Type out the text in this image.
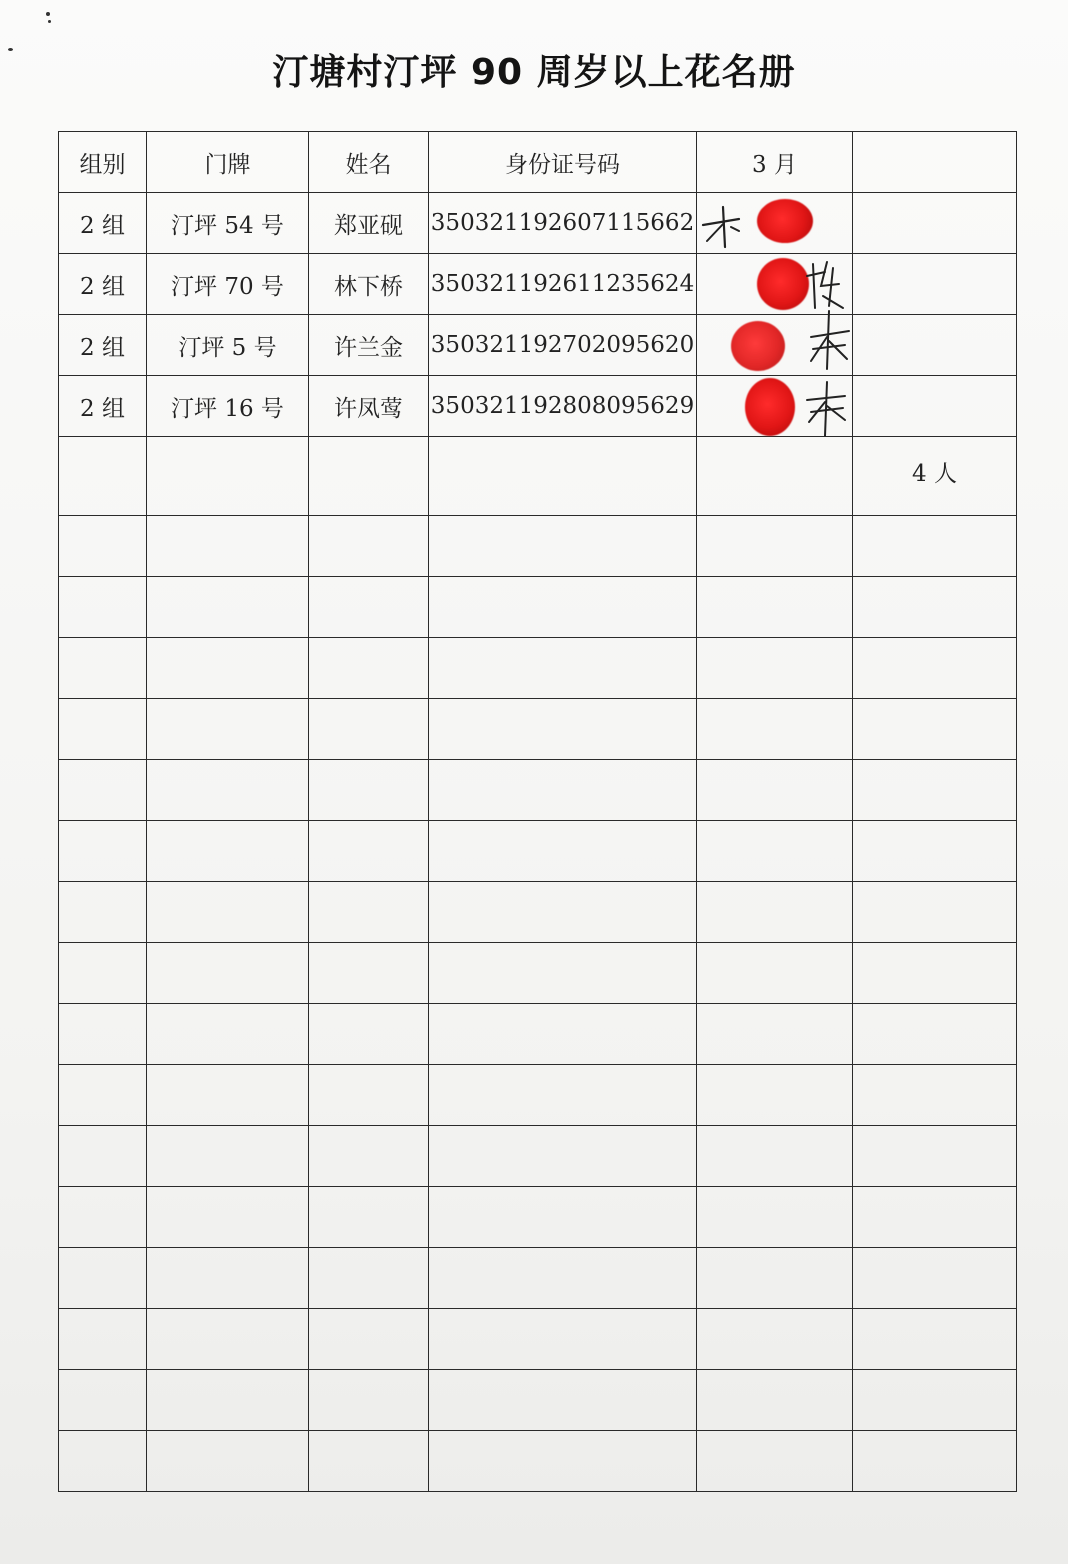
汀塘村汀坪 90 周岁以上花名册
组别	门牌	姓名	身份证号码	3 月	
2 组	汀坪 54 号	郑亚砚	350321192607115662	

2 组	汀坪 70 号	林下桥	350321192611235624	

2 组	汀坪 5 号	许兰金	350321192702095620	

2 组	汀坪 16 号	许凤莺	350321192808095629	

					4 人
